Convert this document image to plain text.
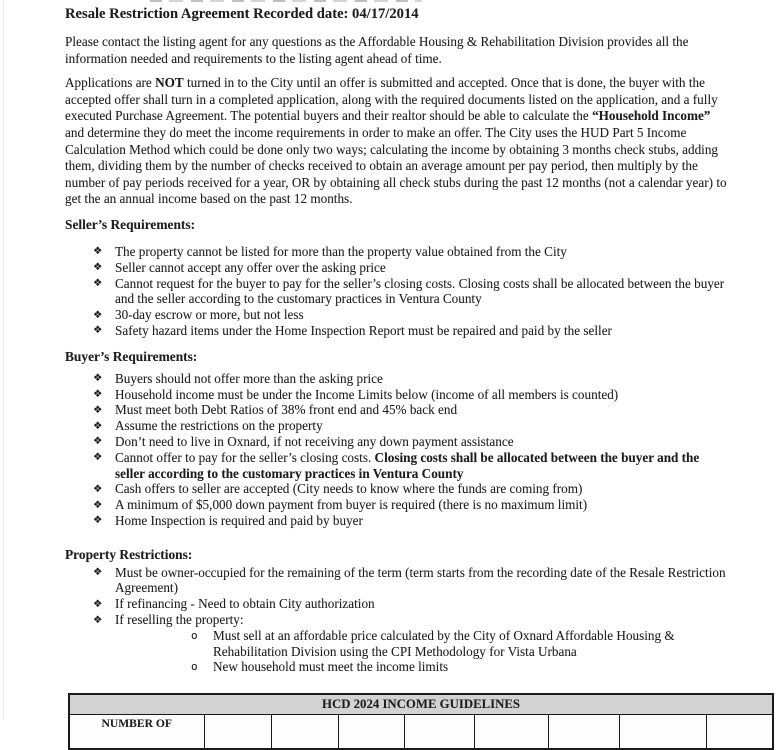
Resale Restriction Agreement Recorded date: 04/17/2014

Please contact the listing agent for any questions as the Affordable Housing & Rehabilitation Division provides all the information needed and requirements to the listing agent ahead of time.

Applications are NOT turned in to the City until an offer is submitted and accepted. Once that is done, the buyer with the accepted offer shall turn in a completed application, along with the required documents listed on the application, and a fully executed Purchase Agreement. The potential buyers and their realtor should be able to calculate the “Household Income” and determine they do meet the income requirements in order to make an offer. The City uses the HUD Part 5 Income Calculation Method which could be done only two ways; calculating the income by obtaining 3 months check stubs, adding them, dividing them by the number of checks received to obtain an average amount per pay period, then multiply by the number of pay periods received for a year, OR by obtaining all check stubs during the past 12 months (not a calendar year) to get the an annual income based on the past 12 months.

Seller’s Requirements:
❖ The property cannot be listed for more than the property value obtained from the City
❖ Seller cannot accept any offer over the asking price
❖ Cannot request for the buyer to pay for the seller’s closing costs. Closing costs shall be allocated between the buyer and the seller according to the customary practices in Ventura County
❖ 30-day escrow or more, but not less
❖ Safety hazard items under the Home Inspection Report must be repaired and paid by the seller
Buyer’s Requirements:
❖ Buyers should not offer more than the asking price
❖ Household income must be under the Income Limits below (income of all members is counted)
❖ Must meet both Debt Ratios of 38% front end and 45% back end
❖ Assume the restrictions on the property
❖ Don’t need to live in Oxnard, if not receiving any down payment assistance
❖ Cannot offer to pay for the seller’s closing costs. Closing costs shall be allocated between the buyer and the seller according to the customary practices in Ventura County
❖ Cash offers to seller are accepted (City needs to know where the funds are coming from)
❖ A minimum of $5,000 down payment from buyer is required (there is no maximum limit)
❖ Home Inspection is required and paid by buyer
Property Restrictions:
❖ Must be owner-occupied for the remaining of the term (term starts from the recording date of the Resale Restriction Agreement)
❖ If refinancing - Need to obtain City authorization
❖ If reselling the property:
o Must sell at an affordable price calculated by the City of Oxnard Affordable Housing & Rehabilitation Division using the CPI Methodology for Vista Urbana
o New household must meet the income limits
HCD 2024 INCOME GUIDELINES
NUMBER OF								
